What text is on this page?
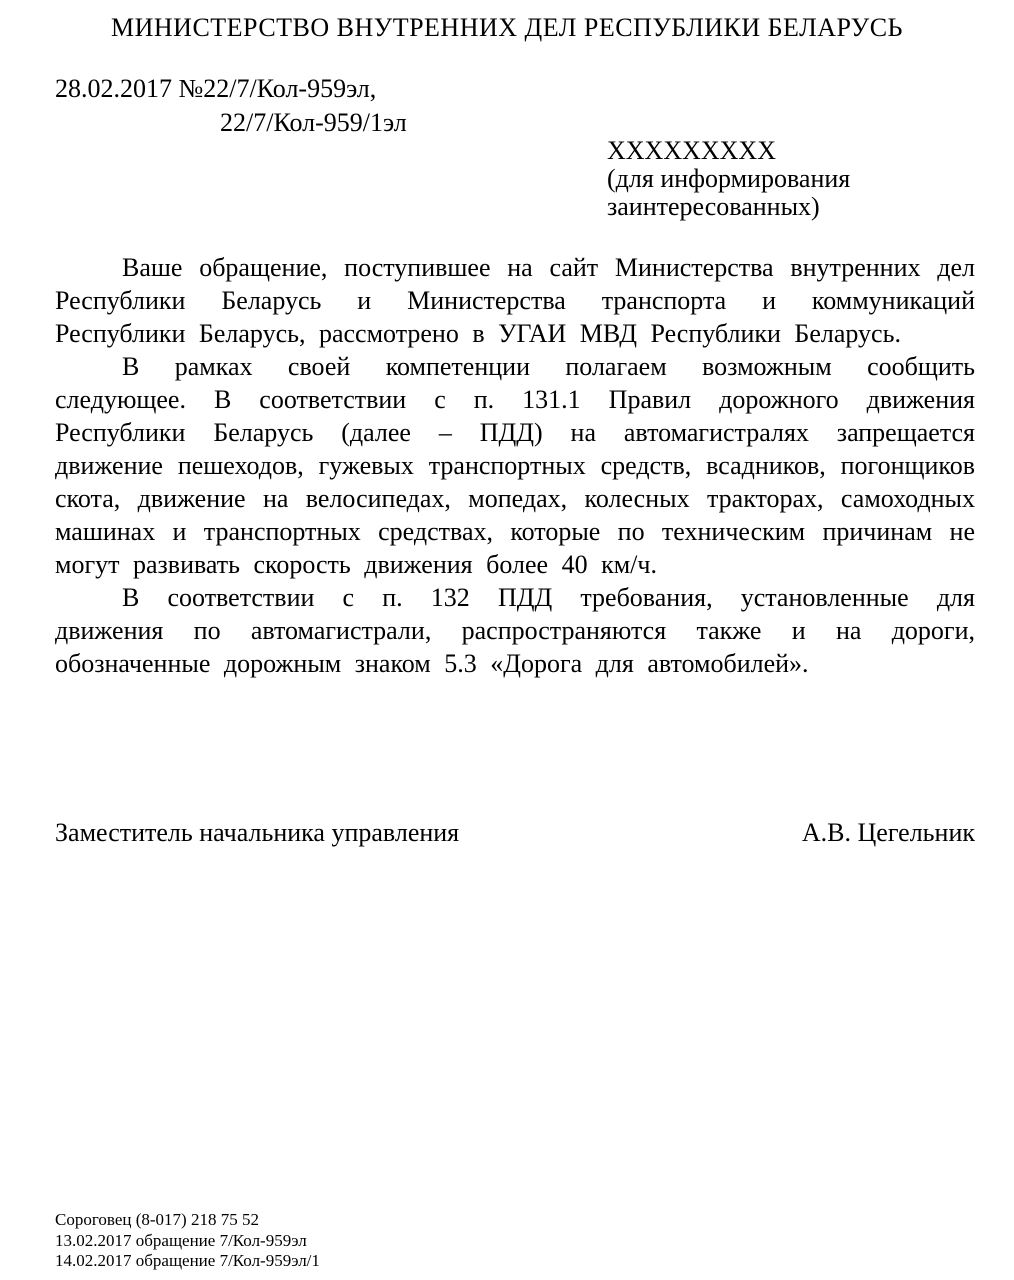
МИНИСТЕРСТВО ВНУТРЕННИХ ДЕЛ РЕСПУБЛИКИ БЕЛАРУСЬ
28.02.2017 №22/7/Кол-959эл,
22/7/Кол-959/1эл
ХХХХХХХХХ
(для информирования
заинтересованных)

Ваше обращение, поступившее на сайт Министерства внутренних дел Республики Беларусь и Министерства транспорта и коммуникаций Республики Беларусь, рассмотрено в УГАИ МВД Республики Беларусь.

В рамках своей компетенции полагаем возможным сообщить следующее. В соответствии с п. 131.1 Правил дорожного движения Республики Беларусь (далее – ПДД) на автомагистралях запрещается движение пешеходов, гужевых транспортных средств, всадников, погонщиков скота, движение на велосипедах, мопедах, колесных тракторах, самоходных машинах и транспортных средствах, которые по техническим причинам не могут развивать скорость движения более 40 км/ч.

В соответствии с п. 132 ПДД требования, установленные для движения по автомагистрали, распространяются также и на дороги, обозначенные дорожным знаком 5.3 «Дорога для автомобилей».

Заместитель начальника управления	А.В. Цегельник
Сороговец (8-017) 218 75 52
13.02.2017 обращение 7/Кол-959эл
14.02.2017 обращение 7/Кол-959эл/1
